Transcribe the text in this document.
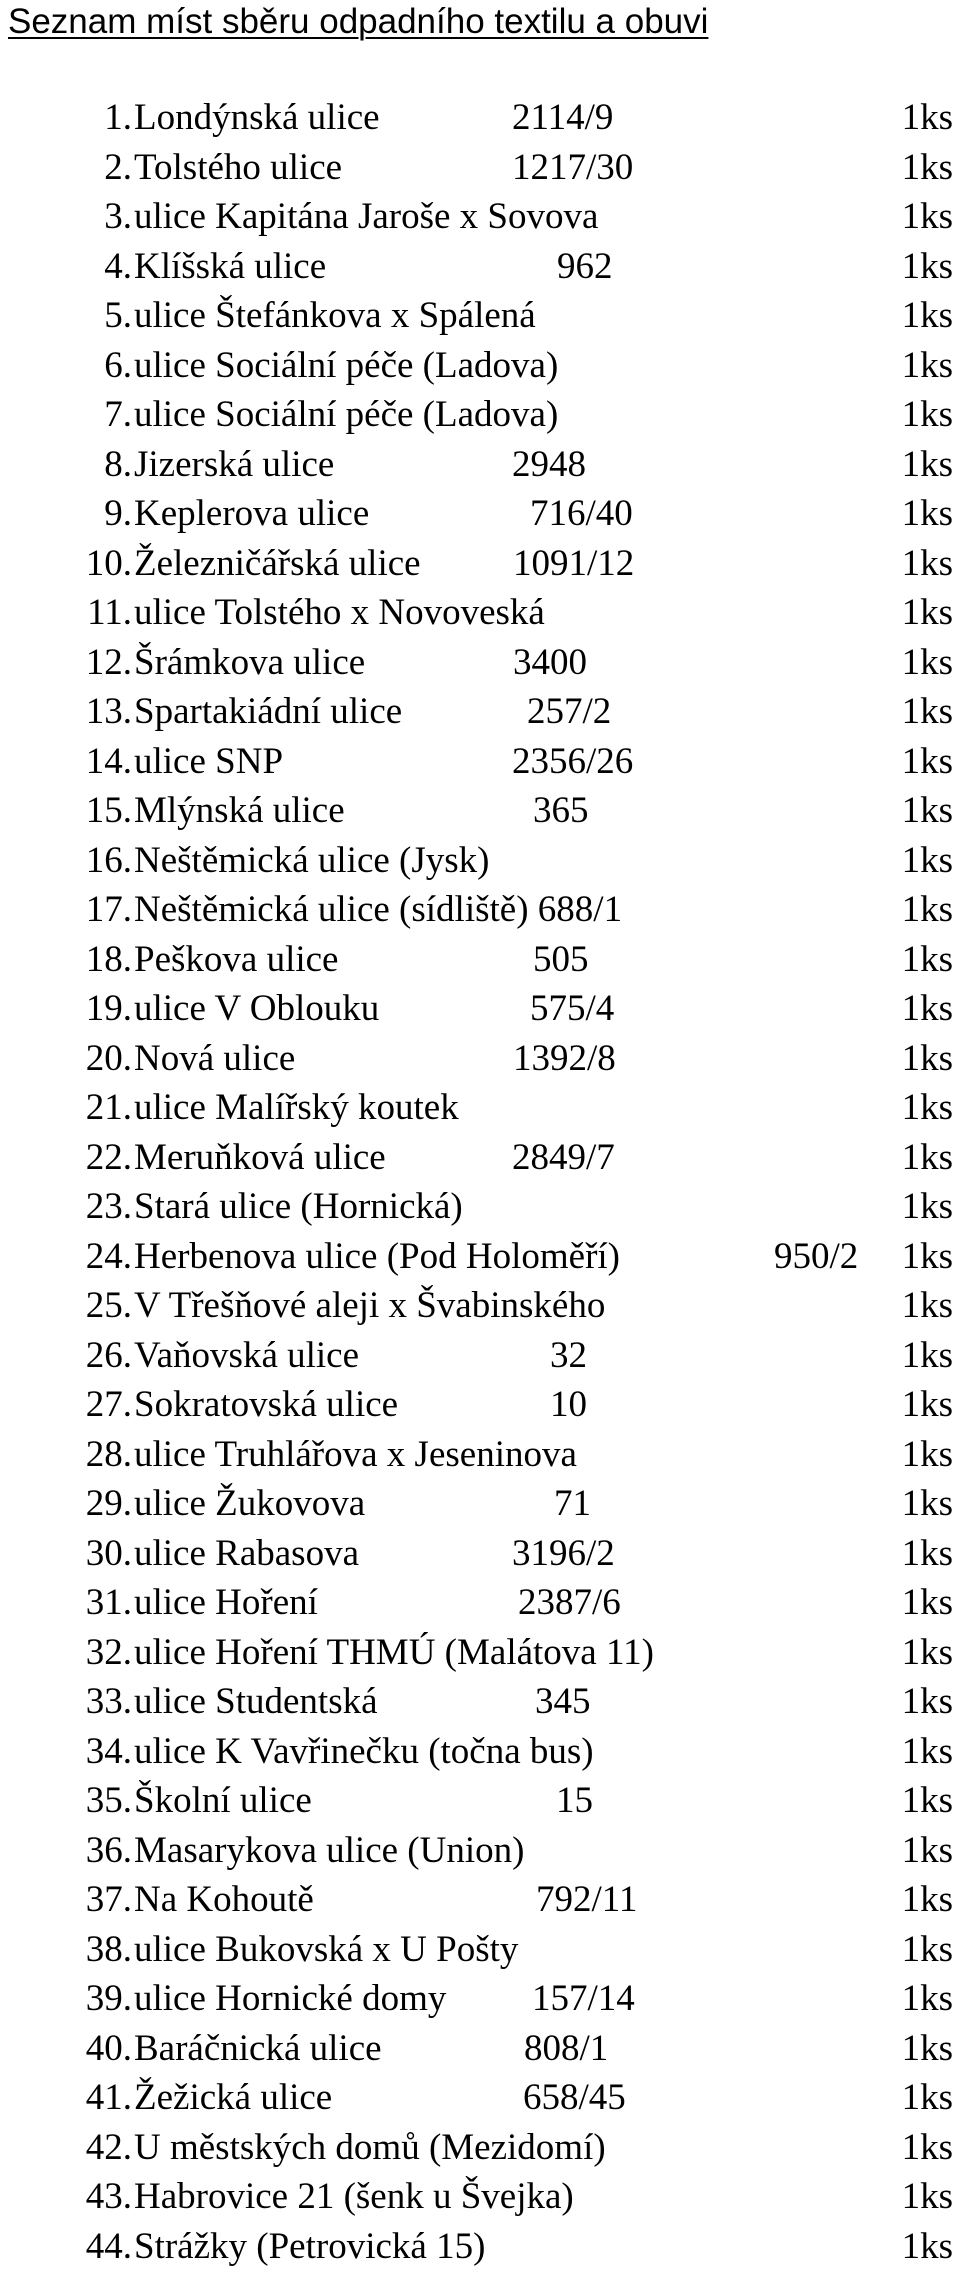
Seznam míst sběru odpadního textilu a obuvi
1. Londýnská ulice	2114/9	1ks
2. Tolstého ulice	1217/30	1ks
3. ulice Kapitána Jaroše x Sovova	1ks
4. Klíšská ulice	962	1ks
5. ulice Štefánkova x Spálená	1ks
6. ulice Sociální péče (Ladova)	1ks
7. ulice Sociální péče (Ladova)	1ks
8. Jizerská ulice	2948	1ks
9. Keplerova ulice	716/40	1ks
10. Železničářská ulice 1091/12	1ks
11. ulice Tolstého x Novoveská	1ks
12. Šrámkova ulice	3400	1ks
13. Spartakiádní ulice	257/2	1ks
14. ulice SNP	2356/26	1ks
15. Mlýnská ulice	365	1ks
16. Neštěmická ulice (Jysk)	1ks
17. Neštěmická ulice (sídliště) 688/1	1ks
18. Peškova ulice	505	1ks
19. ulice V Oblouku	575/4	1ks
20. Nová ulice	1392/8	1ks
21. ulice Malířský koutek	1ks
22. Meruňková ulice	2849/7	1ks
23. Stará ulice (Hornická)	1ks
24. Herbenova ulice (Pod Holoměří)	950/2 1ks
25. V Třešňové aleji x Švabinského	1ks
26. Vaňovská ulice	32	1ks
27. Sokratovská ulice	10	1ks
28. ulice Truhlářova x Jeseninova	1ks
29. ulice Žukovova	71	1ks
30. ulice Rabasova	3196/2	1ks
31. ulice Hoření	2387/6	1ks
32. ulice Hoření THMÚ (Malátova 11)	1ks
33. ulice Studentská	345	1ks
34. ulice K Vavřinečku (točna bus)	1ks
35. Školní ulice	15	1ks
36. Masarykova ulice (Union)	1ks
37. Na Kohoutě	792/11	1ks
38. ulice Bukovská x U Pošty	1ks
39. ulice Hornické domy 157/14	1ks
40. Baráčnická ulice	808/1	1ks
41. Žežická ulice	658/45	1ks
42. U městských domů (Mezidomí)	1ks
43. Habrovice 21 (šenk u Švejka)	1ks
44. Strážky (Petrovická 15)	1ks
